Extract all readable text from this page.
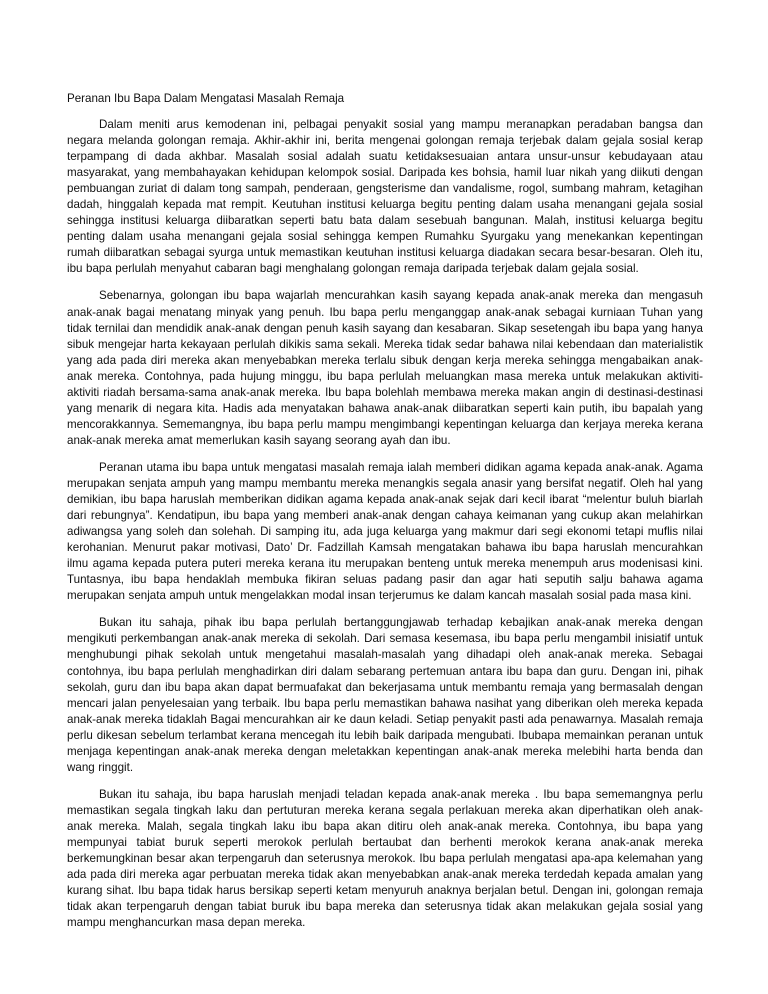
Peranan Ibu Bapa Dalam Mengatasi Masalah Remaja

Dalam meniti arus kemodenan ini, pelbagai penyakit sosial yang mampu meranapkan peradaban bangsa dan negara melanda golongan remaja. Akhir-akhir ini, berita mengenai golongan remaja terjebak dalam gejala sosial kerap terpampang di dada akhbar. Masalah sosial adalah suatu ketidaksesuaian antara unsur-unsur kebudayaan atau masyarakat, yang membahayakan kehidupan kelompok sosial. Daripada kes bohsia, hamil luar nikah yang diikuti dengan pembuangan zuriat di dalam tong sampah, penderaan, gengsterisme dan vandalisme, rogol, sumbang mahram, ketagihan dadah, hinggalah kepada mat rempit. Keutuhan institusi keluarga begitu penting dalam usaha menangani gejala sosial sehingga institusi keluarga diibaratkan seperti batu bata dalam sesebuah bangunan. Malah, institusi keluarga begitu penting dalam usaha menangani gejala sosial sehingga kempen Rumahku Syurgaku yang menekankan kepentingan rumah diibaratkan sebagai syurga untuk memastikan keutuhan institusi keluarga diadakan secara besar-besaran. Oleh itu, ibu bapa perlulah menyahut cabaran bagi menghalang golongan remaja daripada terjebak dalam gejala sosial.

Sebenarnya, golongan ibu bapa wajarlah mencurahkan kasih sayang kepada anak-anak mereka dan mengasuh anak-anak bagai menatang minyak yang penuh. Ibu bapa perlu menganggap anak-anak sebagai kurniaan Tuhan yang tidak ternilai dan mendidik anak-anak dengan penuh kasih sayang dan kesabaran. Sikap sesetengah ibu bapa yang hanya sibuk mengejar harta kekayaan perlulah dikikis sama sekali. Mereka tidak sedar bahawa nilai kebendaan dan materialistik yang ada pada diri mereka akan menyebabkan mereka terlalu sibuk dengan kerja mereka sehingga mengabaikan anak-anak mereka. Contohnya, pada hujung minggu, ibu bapa perlulah meluangkan masa mereka untuk melakukan aktiviti-aktiviti riadah bersama-sama anak-anak mereka. Ibu bapa bolehlah membawa mereka makan angin di destinasi-destinasi yang menarik di negara kita. Hadis ada menyatakan bahawa anak-anak diibaratkan seperti kain putih, ibu bapalah yang mencorakkannya. Sememangnya, ibu bapa perlu mampu mengimbangi kepentingan keluarga dan kerjaya mereka kerana anak-anak mereka amat memerlukan kasih sayang seorang ayah dan ibu.

Peranan utama ibu bapa untuk mengatasi masalah remaja ialah memberi didikan agama kepada anak-anak. Agama merupakan senjata ampuh yang mampu membantu mereka menangkis segala anasir yang bersifat negatif. Oleh hal yang demikian, ibu bapa haruslah memberikan didikan agama kepada anak-anak sejak dari kecil ibarat “melentur buluh biarlah dari rebungnya”. Kendatipun, ibu bapa yang memberi anak-anak dengan cahaya keimanan yang cukup akan melahirkan adiwangsa yang soleh dan solehah. Di samping itu, ada juga keluarga yang makmur dari segi ekonomi tetapi muflis nilai kerohanian. Menurut pakar motivasi, Dato’ Dr. Fadzillah Kamsah mengatakan bahawa ibu bapa haruslah mencurahkan ilmu agama kepada putera puteri mereka kerana itu merupakan benteng untuk mereka menempuh arus modenisasi kini. Tuntasnya, ibu bapa hendaklah membuka fikiran seluas padang pasir dan agar hati seputih salju bahawa agama merupakan senjata ampuh untuk mengelakkan modal insan terjerumus ke dalam kancah masalah sosial pada masa kini.

Bukan itu sahaja, pihak ibu bapa perlulah bertanggungjawab terhadap kebajikan anak-anak mereka dengan mengikuti perkembangan anak-anak mereka di sekolah. Dari semasa kesemasa, ibu bapa perlu mengambil inisiatif untuk menghubungi pihak sekolah untuk mengetahui masalah-masalah yang dihadapi oleh anak-anak mereka. Sebagai contohnya, ibu bapa perlulah menghadirkan diri dalam sebarang pertemuan antara ibu bapa dan guru. Dengan ini, pihak sekolah, guru dan ibu bapa akan dapat bermuafakat dan bekerjasama untuk membantu remaja yang bermasalah dengan mencari jalan penyelesaian yang terbaik. Ibu bapa perlu memastikan bahawa nasihat yang diberikan oleh mereka kepada anak-anak mereka tidaklah Bagai mencurahkan air ke daun keladi. Setiap penyakit pasti ada penawarnya. Masalah remaja perlu dikesan sebelum terlambat kerana mencegah itu lebih baik daripada mengubati. Ibubapa memainkan peranan untuk menjaga kepentingan anak-anak mereka dengan meletakkan kepentingan anak-anak mereka melebihi harta benda dan wang ringgit.

Bukan itu sahaja, ibu bapa haruslah menjadi teladan kepada anak-anak mereka . Ibu bapa sememangnya perlu memastikan segala tingkah laku dan pertuturan mereka kerana segala perlakuan mereka akan diperhatikan oleh anak-anak mereka. Malah, segala tingkah laku ibu bapa akan ditiru oleh anak-anak mereka. Contohnya, ibu bapa yang mempunyai tabiat buruk seperti merokok perlulah bertaubat dan berhenti merokok kerana anak-anak mereka berkemungkinan besar akan terpengaruh dan seterusnya merokok. Ibu bapa perlulah mengatasi apa-apa kelemahan yang ada pada diri mereka agar perbuatan mereka tidak akan menyebabkan anak-anak mereka terdedah kepada amalan yang kurang sihat. Ibu bapa tidak harus bersikap seperti ketam menyuruh anaknya berjalan betul. Dengan ini, golongan remaja tidak akan terpengaruh dengan tabiat buruk ibu bapa mereka dan seterusnya tidak akan melakukan gejala sosial yang mampu menghancurkan masa depan mereka.
